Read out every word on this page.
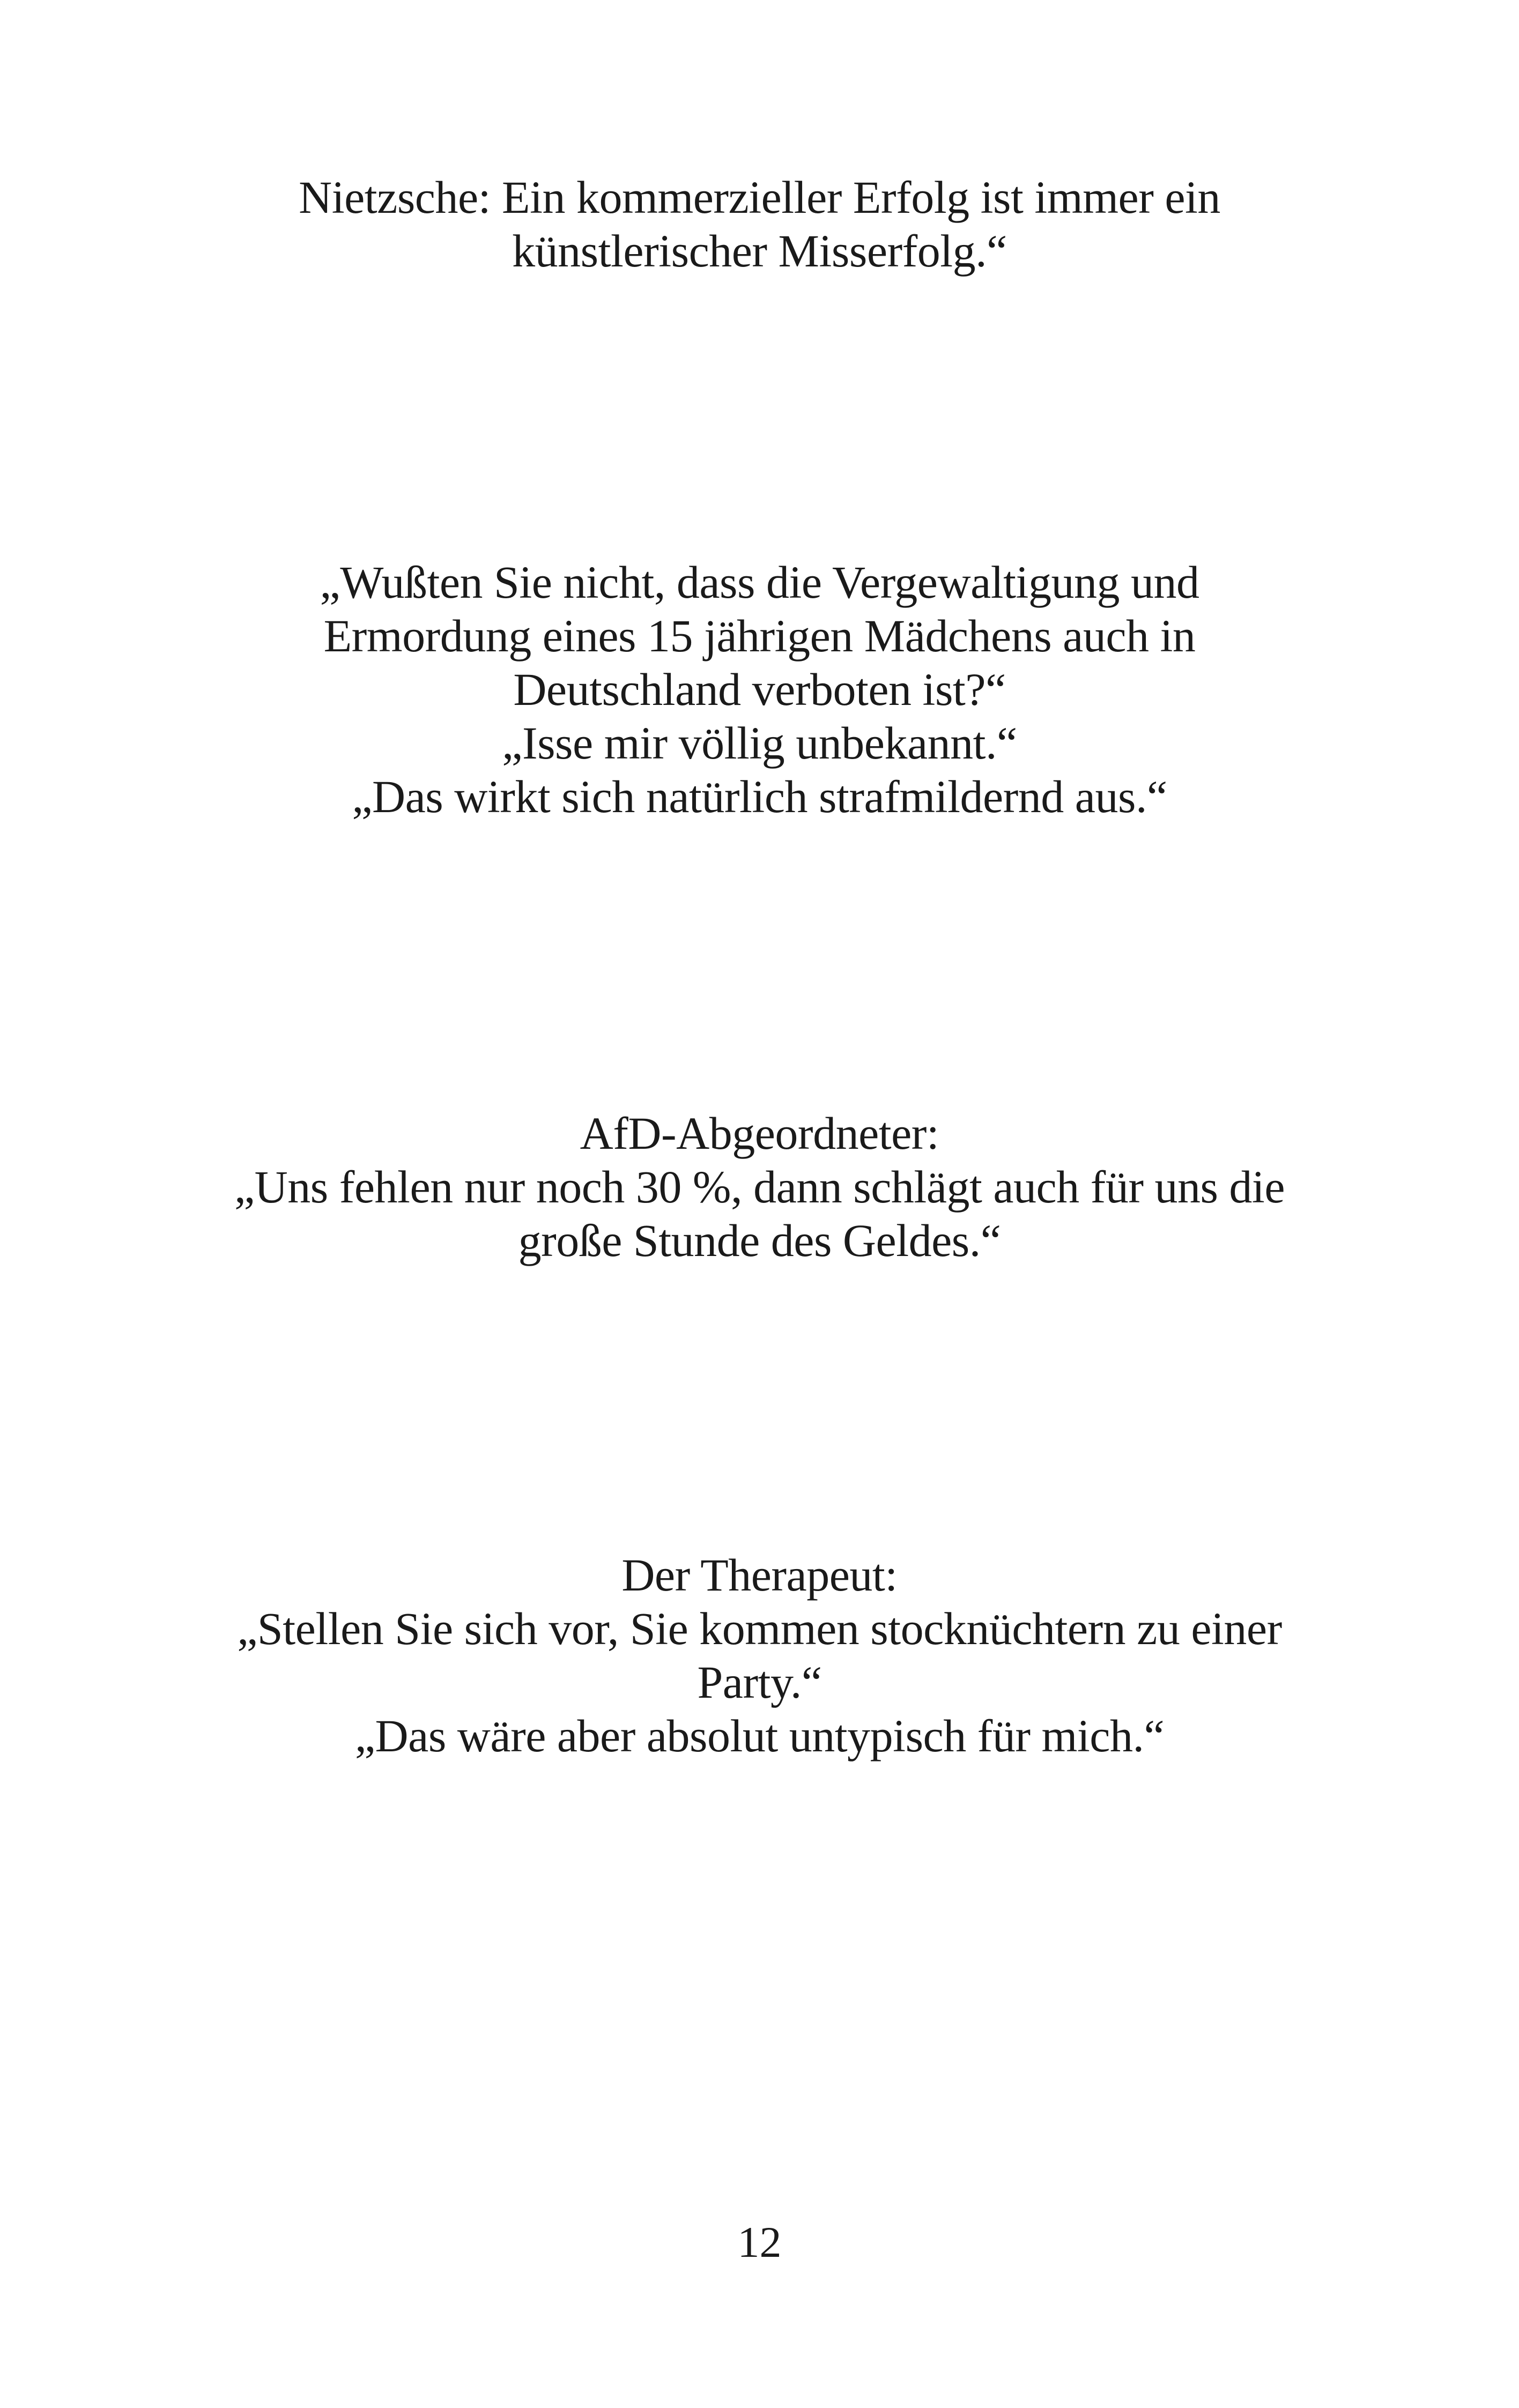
Nietzsche: Ein kommerzieller Erfolg ist immer ein
künstlerischer Misserfolg.“
„Wußten Sie nicht, dass die Vergewaltigung und
Ermordung eines 15 jährigen Mädchens auch in
Deutschland verboten ist?“
„Isse mir völlig unbekannt.“
„Das wirkt sich natürlich strafmildernd aus.“
AfD-Abgeordneter:
„Uns fehlen nur noch 30 %, dann schlägt auch für uns die
große Stunde des Geldes.“
Der Therapeut:
„Stellen Sie sich vor, Sie kommen stocknüchtern zu einer
Party.“
„Das wäre aber absolut untypisch für mich.“
12
